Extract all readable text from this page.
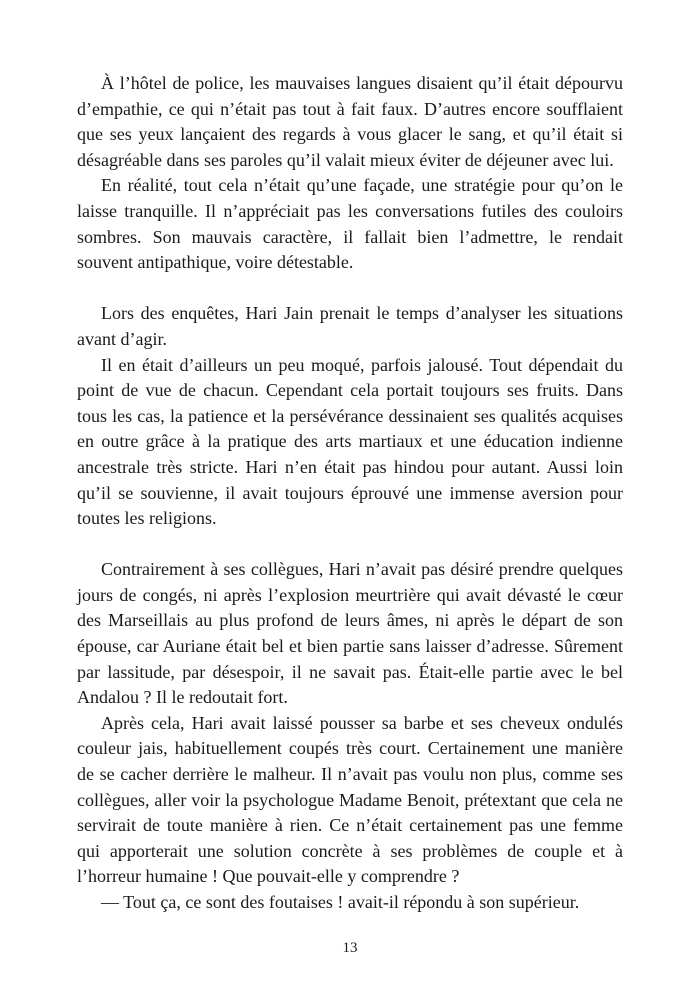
À l’hôtel de police, les mauvaises langues disaient qu’il était dépourvu d’empathie, ce qui n’était pas tout à fait faux. D’autres encore soufflaient que ses yeux lançaient des regards à vous glacer le sang, et qu’il était si désagréable dans ses paroles qu’il valait mieux éviter de déjeuner avec lui.

En réalité, tout cela n’était qu’une façade, une stratégie pour qu’on le laisse tranquille. Il n’appréciait pas les conversations futiles des couloirs sombres. Son mauvais caractère, il fallait bien l’admettre, le rendait souvent antipathique, voire détestable.

Lors des enquêtes, Hari Jain prenait le temps d’analyser les situations avant d’agir.

Il en était d’ailleurs un peu moqué, parfois jalousé. Tout dépendait du point de vue de chacun. Cependant cela portait toujours ses fruits. Dans tous les cas, la patience et la persévérance dessinaient ses qualités acquises en outre grâce à la pratique des arts martiaux et une éducation indienne ancestrale très stricte. Hari n’en était pas hindou pour autant. Aussi loin qu’il se souvienne, il avait toujours éprouvé une immense aversion pour toutes les religions.

Contrairement à ses collègues, Hari n’avait pas désiré prendre quelques jours de congés, ni après l’explosion meurtrière qui avait dévasté le cœur des Marseillais au plus profond de leurs âmes, ni après le départ de son épouse, car Auriane était bel et bien partie sans laisser d’adresse. Sûrement par lassitude, par désespoir, il ne savait pas. Était-elle partie avec le bel Andalou ? Il le redoutait fort.

Après cela, Hari avait laissé pousser sa barbe et ses cheveux ondulés couleur jais, habituellement coupés très court. Certainement une manière de se cacher derrière le malheur. Il n’avait pas voulu non plus, comme ses collègues, aller voir la psychologue Madame Benoit, prétextant que cela ne servirait de toute manière à rien. Ce n’était certainement pas une femme qui apporterait une solution concrète à ses problèmes de couple et à l’horreur humaine ! Que pouvait-elle y comprendre ?

— Tout ça, ce sont des foutaises ! avait-il répondu à son supérieur.

13
